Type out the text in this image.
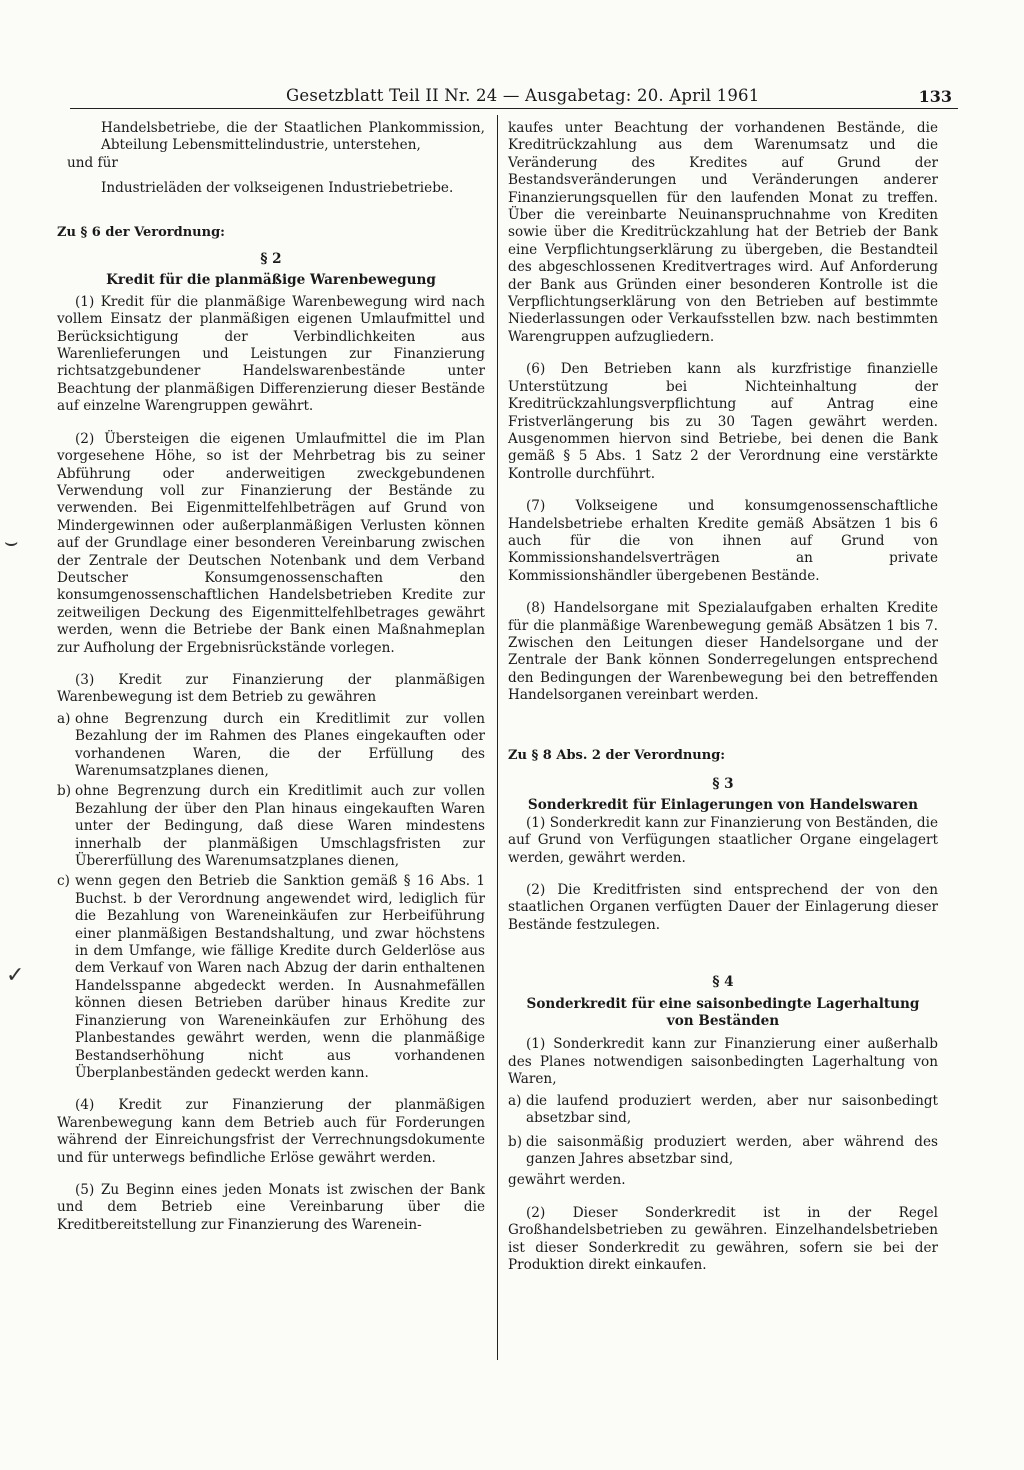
Gesetzblatt Teil II Nr. 24 — Ausgabetag: 20. April 1961	133
⌣
✓

Handelsbetriebe, die der Staatlichen Plankommission, Abteilung Lebensmittelindustrie, unterstehen,

und für

Industrieläden der volkseigenen Industriebetriebe.

Zu § 6 der Verordnung:

§ 2

Kredit für die planmäßige Warenbewegung

(1) Kredit für die planmäßige Warenbewegung wird nach vollem Einsatz der planmäßigen eigenen Umlaufmittel und Berücksichtigung der Verbindlichkeiten aus Warenlieferungen und Leistungen zur Finanzierung richtsatzgebundener Handelswarenbestände unter Beachtung der planmäßigen Differenzierung dieser Bestände auf einzelne Warengruppen gewährt.

(2) Übersteigen die eigenen Umlaufmittel die im Plan vorgesehene Höhe, so ist der Mehrbetrag bis zu seiner Abführung oder anderweitigen zweckgebundenen Verwendung voll zur Finanzierung der Bestände zu verwenden. Bei Eigenmittelfehlbeträgen auf Grund von Mindergewinnen oder außerplanmäßigen Verlusten können auf der Grundlage einer besonderen Vereinbarung zwischen der Zentrale der Deutschen Notenbank und dem Verband Deutscher Konsumgenossenschaften den konsumgenossenschaftlichen Handelsbetrieben Kredite zur zeitweiligen Deckung des Eigenmittelfehlbetrages gewährt werden, wenn die Betriebe der Bank einen Maßnahmeplan zur Aufholung der Ergebnisrückstände vorlegen.

(3) Kredit zur Finanzierung der planmäßigen Warenbewegung ist dem Betrieb zu gewähren

a) ohne Begrenzung durch ein Kreditlimit zur vollen Bezahlung der im Rahmen des Planes eingekauften oder vorhandenen Waren, die der Erfüllung des Warenumsatzplanes dienen,
b) ohne Begrenzung durch ein Kreditlimit auch zur vollen Bezahlung der über den Plan hinaus eingekauften Waren unter der Bedingung, daß diese Waren mindestens innerhalb der planmäßigen Umschlagsfristen zur Übererfüllung des Warenumsatzplanes dienen,
c) wenn gegen den Betrieb die Sanktion gemäß § 16 Abs. 1 Buchst. b der Verordnung angewendet wird, lediglich für die Bezahlung von Wareneinkäufen zur Herbeiführung einer planmäßigen Bestandshaltung, und zwar höchstens in dem Umfange, wie fällige Kredite durch Gelderlöse aus dem Verkauf von Waren nach Abzug der darin enthaltenen Handelsspanne abgedeckt werden. In Ausnahmefällen können diesen Betrieben darüber hinaus Kredite zur Finanzierung von Wareneinkäufen zur Erhöhung des Planbestandes gewährt werden, wenn die planmäßige Bestandserhöhung nicht aus vorhandenen Überplanbeständen gedeckt werden kann.

(4) Kredit zur Finanzierung der planmäßigen Warenbewegung kann dem Betrieb auch für Forderungen während der Einreichungsfrist der Verrechnungsdokumente und für unterwegs befindliche Erlöse gewährt werden.

(5) Zu Beginn eines jeden Monats ist zwischen der Bank und dem Betrieb eine Vereinbarung über die Kreditbereitstellung zur Finanzierung des Warenein-

kaufes unter Beachtung der vorhandenen Bestände, die Kreditrückzahlung aus dem Warenumsatz und die Veränderung des Kredites auf Grund der Bestandsveränderungen und Veränderungen anderer Finanzierungsquellen für den laufenden Monat zu treffen. Über die vereinbarte Neuinanspruchnahme von Krediten sowie über die Kreditrückzahlung hat der Betrieb der Bank eine Verpflichtungserklärung zu übergeben, die Bestandteil des abgeschlossenen Kreditvertrages wird. Auf Anforderung der Bank aus Gründen einer besonderen Kontrolle ist die Verpflichtungserklärung von den Betrieben auf bestimmte Niederlassungen oder Verkaufsstellen bzw. nach bestimmten Warengruppen aufzugliedern.

(6) Den Betrieben kann als kurzfristige finanzielle Unterstützung bei Nichteinhaltung der Kreditrückzahlungsverpflichtung auf Antrag eine Fristverlängerung bis zu 30 Tagen gewährt werden. Ausgenommen hiervon sind Betriebe, bei denen die Bank gemäß § 5 Abs. 1 Satz 2 der Verordnung eine verstärkte Kontrolle durchführt.

(7) Volkseigene und konsumgenossenschaftliche Handelsbetriebe erhalten Kredite gemäß Absätzen 1 bis 6 auch für die von ihnen auf Grund von Kommissionshandelsverträgen an private Kommissionshändler übergebenen Bestände.

(8) Handelsorgane mit Spezialaufgaben erhalten Kredite für die planmäßige Warenbewegung gemäß Absätzen 1 bis 7. Zwischen den Leitungen dieser Handelsorgane und der Zentrale der Bank können Sonderregelungen entsprechend den Bedingungen der Warenbewegung bei den betreffenden Handelsorganen vereinbart werden.

Zu § 8 Abs. 2 der Verordnung:

§ 3

Sonderkredit für Einlagerungen von Handelswaren

(1) Sonderkredit kann zur Finanzierung von Beständen, die auf Grund von Verfügungen staatlicher Organe eingelagert werden, gewährt werden.

(2) Die Kreditfristen sind entsprechend der von den staatlichen Organen verfügten Dauer der Einlagerung dieser Bestände festzulegen.

§ 4

Sonderkredit für eine saisonbedingte Lagerhaltung

von Beständen

(1) Sonderkredit kann zur Finanzierung einer außerhalb des Planes notwendigen saisonbedingten Lagerhaltung von Waren,

a) die laufend produziert werden, aber nur saisonbedingt absetzbar sind,
b) die saisonmäßig produziert werden, aber während des ganzen Jahres absetzbar sind,

gewährt werden.

(2) Dieser Sonderkredit ist in der Regel Großhandelsbetrieben zu gewähren. Einzelhandelsbetrieben ist dieser Sonderkredit zu gewähren, sofern sie bei der Produktion direkt einkaufen.
